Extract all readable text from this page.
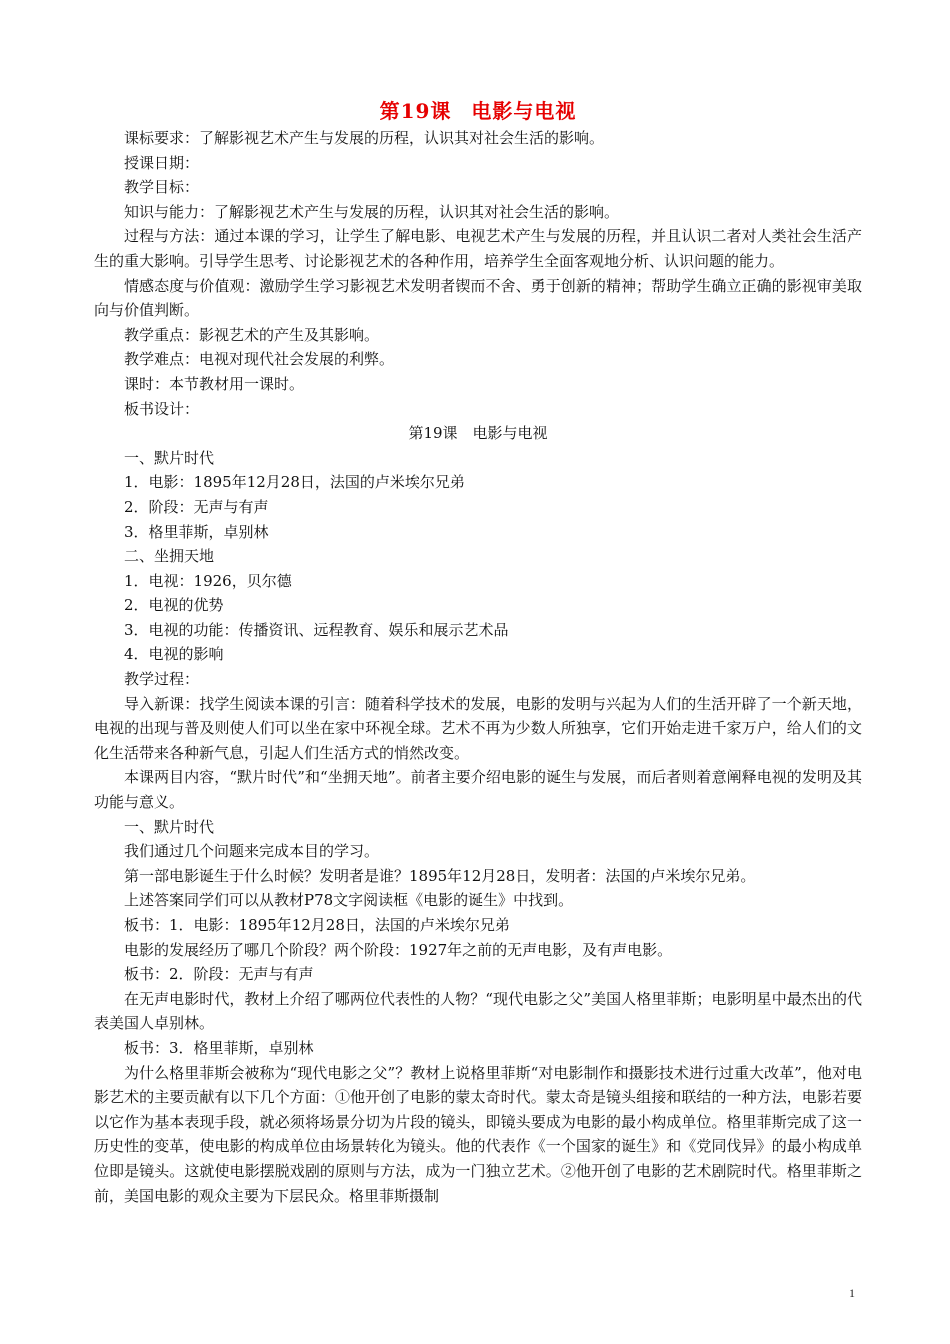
第19课 电影与电视

课标要求：了解影视艺术产生与发展的历程，认识其对社会生活的影响。

授课日期：

教学目标：

知识与能力：了解影视艺术产生与发展的历程，认识其对社会生活的影响。

过程与方法：通过本课的学习，让学生了解电影、电视艺术产生与发展的历程，并且认识二者对人类社会生活产生的重大影响。引导学生思考、讨论影视艺术的各种作用，培养学生全面客观地分析、认识问题的能力。

情感态度与价值观：激励学生学习影视艺术发明者锲而不舍、勇于创新的精神；帮助学生确立正确的影视审美取向与价值判断。

教学重点：影视艺术的产生及其影响。

教学难点：电视对现代社会发展的利弊。

课时：本节教材用一课时。

板书设计：

第19课　电影与电视

一、默片时代

1．电影：1895年12月28日，法国的卢米埃尔兄弟

2．阶段：无声与有声

3．格里菲斯，卓别林

二、坐拥天地

1．电视：1926，贝尔德

2．电视的优势

3．电视的功能：传播资讯、远程教育、娱乐和展示艺术品

4．电视的影响

教学过程：

导入新课：找学生阅读本课的引言：随着科学技术的发展，电影的发明与兴起为人们的生活开辟了一个新天地，电视的出现与普及则使人们可以坐在家中环视全球。艺术不再为少数人所独享，它们开始走进千家万户，给人们的文化生活带来各种新气息，引起人们生活方式的悄然改变。

本课两目内容，“默片时代”和“坐拥天地”。前者主要介绍电影的诞生与发展，而后者则着意阐释电视的发明及其功能与意义。

一、默片时代

我们通过几个问题来完成本目的学习。

第一部电影诞生于什么时候？发明者是谁？1895年12月28日，发明者：法国的卢米埃尔兄弟。

上述答案同学们可以从教材P78文字阅读框《电影的诞生》中找到。

板书：1．电影：1895年12月28日，法国的卢米埃尔兄弟

电影的发展经历了哪几个阶段？两个阶段：1927年之前的无声电影，及有声电影。

板书：2．阶段：无声与有声

在无声电影时代，教材上介绍了哪两位代表性的人物？“现代电影之父”美国人格里菲斯；电影明星中最杰出的代表美国人卓别林。

板书：3．格里菲斯，卓别林

为什么格里菲斯会被称为“现代电影之父”？教材上说格里菲斯“对电影制作和摄影技术进行过重大改革”，他对电影艺术的主要贡献有以下几个方面：①他开创了电影的蒙太奇时代。蒙太奇是镜头组接和联结的一种方法，电影若要以它作为基本表现手段，就必须将场景分切为片段的镜头，即镜头要成为电影的最小构成单位。格里菲斯完成了这一历史性的变革，使电影的构成单位由场景转化为镜头。他的代表作《一个国家的诞生》和《党同伐异》的最小构成单位即是镜头。这就使电影摆脱戏剧的原则与方法，成为一门独立艺术。②他开创了电影的艺术剧院时代。格里菲斯之前，美国电影的观众主要为下层民众。格里菲斯摄制

1
